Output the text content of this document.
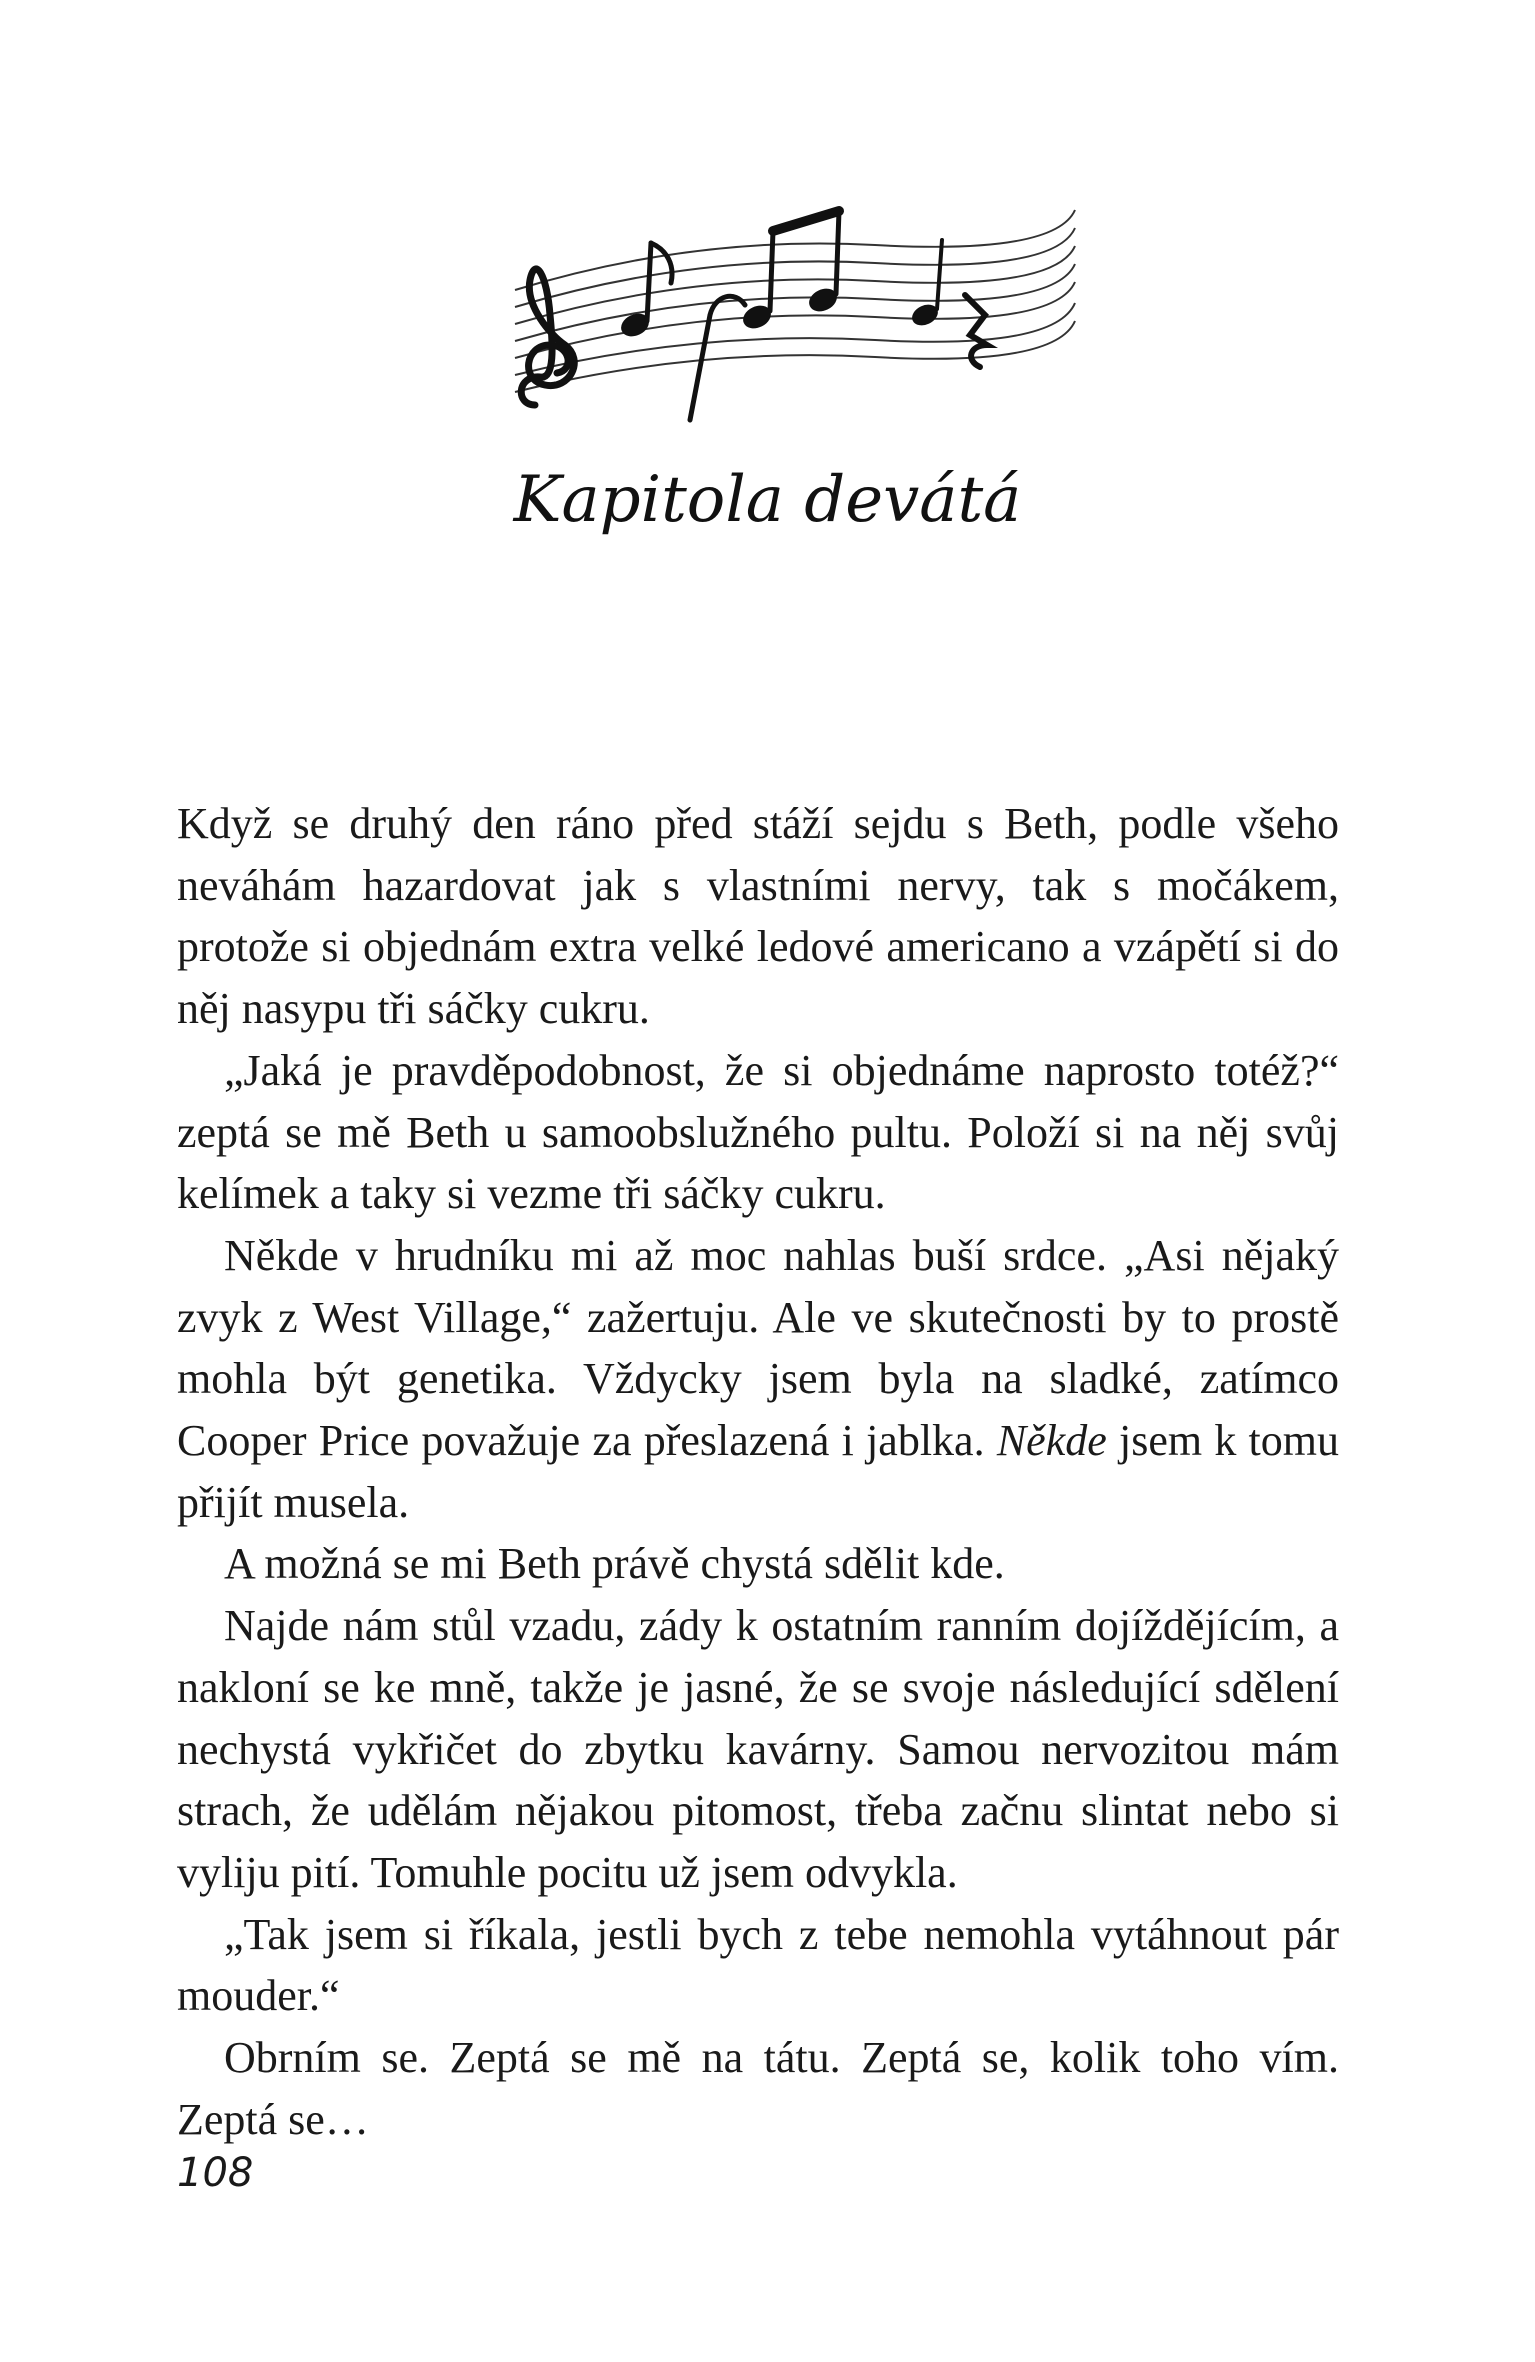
Kapitola devátá

Když se druhý den ráno před stáží sejdu s Beth, podle všeho neváhám hazardovat jak s vlastními nervy, tak s močákem, protože si objednám extra velké ledové americano a vzápětí si do něj nasypu tři sáčky cukru.

„Jaká je pravděpodobnost, že si objednáme naprosto totéž?“ zeptá se mě Beth u samoobslužného pultu. Položí si na něj svůj kelímek a taky si vezme tři sáčky cukru.

Někde v hrudníku mi až moc nahlas buší srdce. „Asi nějaký zvyk z West Village,“ zažertuju. Ale ve skutečnosti by to prostě mohla být genetika. Vždycky jsem byla na sladké, zatímco Cooper Price považuje za přeslazená i jablka. Někde jsem k tomu přijít musela.

A možná se mi Beth právě chystá sdělit kde.

Najde nám stůl vzadu, zády k ostatním ranním dojíždějícím, a nakloní se ke mně, takže je jasné, že se svoje následující sdělení nechystá vykřičet do zbytku kavárny. Samou nervozitou mám strach, že udělám nějakou pitomost, třeba začnu slintat nebo si vyliju pití. Tomuhle pocitu už jsem odvykla.

„Tak jsem si říkala, jestli bych z tebe nemohla vytáhnout pár mouder.“

Obrním se. Zeptá se mě na tátu. Zeptá se, kolik toho vím. Zeptá se…

108
